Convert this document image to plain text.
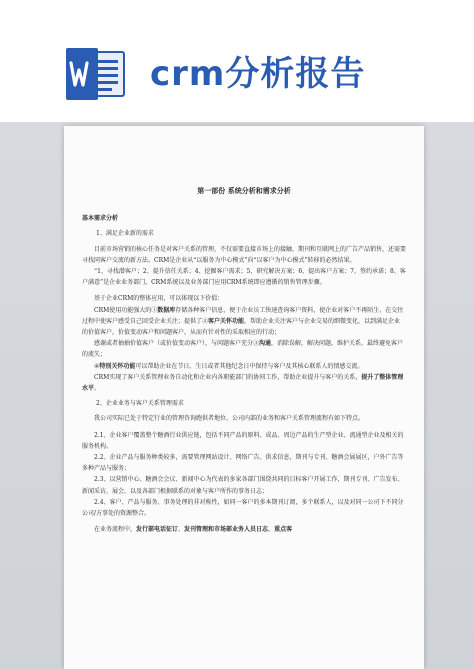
crm分析报告
第一部份 系统分析和需求分析
基本需求分析
1、满足企业新的需求

目前市场营销的核心任务是对客户关系的管理，不仅需要直接市场上的接触，期刊和互联网上的广告产品销售，还需要寻找同客户交流的新方法。CRM是企业从“以服务为中心模式”向“以客户为中心模式”转移的必然结果。

“1、寻找潜客户；2、提升信任关系；4、挖掘客户需求；5、研究解决方案；6、提出客户方案；7、签约承诺；8、客户满意”是企业业务部门，CRM系统以及业务部门应用CRM系统即应遵循的销售管理步骤。

基于企业CRM的整体应用，可以体现以下价值：

CRM使用功能强大的①数据库存储各种客户信息，便于企业员工快速查询客户资料，使企业对客户不再陌生，在交往过程中使客户感受自己回受企业关注；提供了②客户关怀功能，帮助企业关注客户与企业交易的细微变化，以到满足企业的价值客户，价值变动客户和问题客户，从而有针对性的采取相应的行动；

感谢或者抽抽价值客户（或价值变动客户），与问题客户充分③沟通，消除误解，解决问题，维护关系，最终避免客户的流失；

④特别关怀功能可以帮助企业在节日、生日或者其他纪念日中保持与客户及其核心联系人的情感交流。

CRM实现了客户关系管理业务自动化和企业内各职能部门的协同工作，帮助企业提升与客户的关系，提升了整体管理水平。

2、企业业务与客户关系管理需求

我公司实际已处于特定行业的管理咨询跑供者地位，公司内部的业务和客户关系管理流程有如下特点。

2.1、企业客户覆盖整个糖酒行业供应链，包括不同产品的原料、成品、周边产品的生产型企业、流通型企业及相关的服务机构。

2.2、企业产品与服务种类较多，需要管理网站设计、网络广告、供求信息，期刊与专刊、糖酒会展展区，户外广告等多种产品与服务；

2.3、以营销中心、糖酒会会议、新闻中心为代表的多家各部门围绕共同的目标客户开展工作，期刊专刊、广告发布、新闻采访，展会，以及各部门根据联系的对象与客户所作的事务日志；

2.4、客户、产品与服务、事务处理的非对称性，如同一客户的多本期刊订阅，多个联系人，以及对同一公司下不同分公司/方事处的资源整合。

在业务流程中，发行部电话征订、发刊管理和市场部业务人员日志，重点客
